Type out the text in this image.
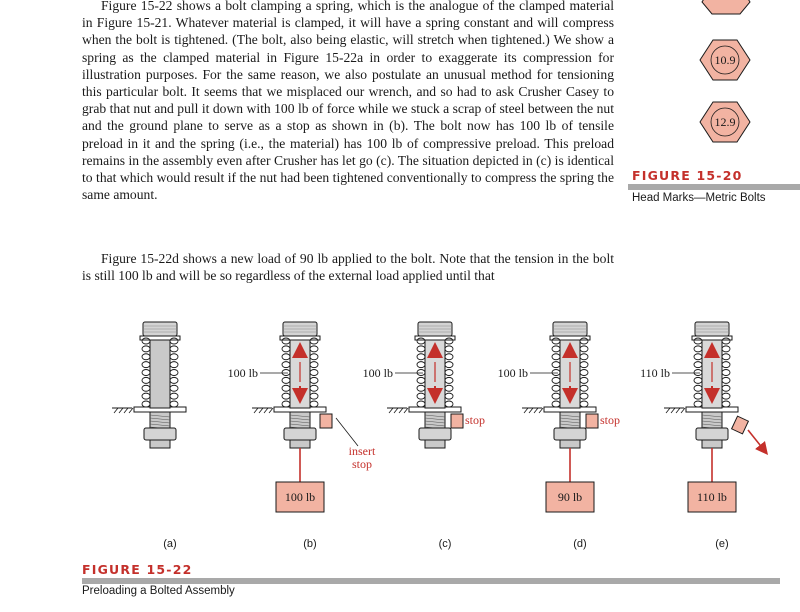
Figure 15-22 shows a bolt clamping a spring, which is the analogue of the clamped material in Figure 15-21. Whatever material is clamped, it will have a spring constant and will compress when the bolt is tightened. (The bolt, also being elastic, will stretch when tightened.) We show a spring as the clamped material in Figure 15-22a in order to exaggerate its compression for illustration purposes. For the same reason, we also postulate an unusual method for tensioning this particular bolt. It seems that we misplaced our wrench, and so had to ask Crusher Casey to grab that nut and pull it down with 100 lb of force while we stuck a scrap of steel between the nut and the ground plane to serve as a stop as shown in (b). The bolt now has 100 lb of tensile preload in it and the spring (i.e., the material) has 100 lb of compressive preload. This preload remains in the assembly even after Crusher has let go (c). The situation depicted in (c) is identical to that which would result if the nut had been tightened conventionally to compress the spring the same amount.

Figure 15-22d shows a new load of 90 lb applied to the bolt. Note that the tension in the bolt is still 100 lb and will be so regardless of the external load applied until that

10.9
12.9
FIGURE 15-20
Head Marks—Metric Bolts
(a)
100 lb
insert
stop
100 lb
(b)
100 lb
stop
(c)
100 lb
stop
90 lb
(d)
110 lb
110 lb
(e)
FIGURE 15-22
Preloading a Bolted Assembly
